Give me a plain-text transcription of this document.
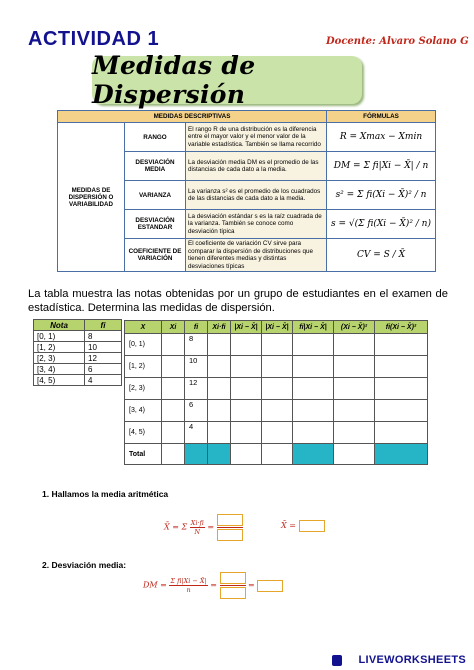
ACTIVIDAD 1	Docente: Alvaro Solano G
Medidas de Dispersión
MEDIDAS DESCRIPTIVAS			FÓRMULAS
MEDIDAS DE DISPERSIÓN O VARIABILIDAD	RANGO	El rango R de una distribución es la diferencia entre el mayor valor y el menor valor de la variable estadística. También se llama recorrido	R = Xmax − Xmin
	DESVIACIÓN MEDIA	La desviación media DM es el promedio de las distancias de cada dato a la media.	DM = Σ fi|Xi − X̄| / n
	VARIANZA	La varianza s² es el promedio de los cuadrados de las distancias de cada dato a la media.	s² = Σ fi(Xi − X̄)² / n
	DESVIACIÓN ESTANDAR	La desviación estándar s es la raíz cuadrada de la varianza. También se conoce como desviación típica	s = √(Σ fi(Xi − X̄)² / n)
	COEFICIENTE DE VARIACIÓN	El coeficiente de variación CV sirve para comparar la dispersión de distribuciones que tienen diferentes medias y distintas desviaciones típicas	CV = S / X̄
La tabla muestra las notas obtenidas por un grupo de estudiantes en el examen de estadística. Determina las medidas de dispersión.
Nota	fi
[0, 1)	8
[1, 2)	10
[2, 3)	12
[3, 4)	6
[4, 5)	4
X	Xi	fi	Xi·fi	|Xi − X̄|	|Xi − X̄|	fi|Xi − X̄|	(Xi − X̄)²	fi(Xi − X̄)²
[0, 1)		8						
[1, 2)		10						
[2, 3)		12						
[3, 4)		6						
[4, 5)		4						
Total								
1. Hallamos la media aritmética
X̄ = Σ $\frac{Xi\cdot fi}{N}$ =	X̄ =
2. Desviación media:
DM = $\frac{\text{Σ fi|Xi − X̄|}}{n}$ =	=
LIVEWORKSHEETS
